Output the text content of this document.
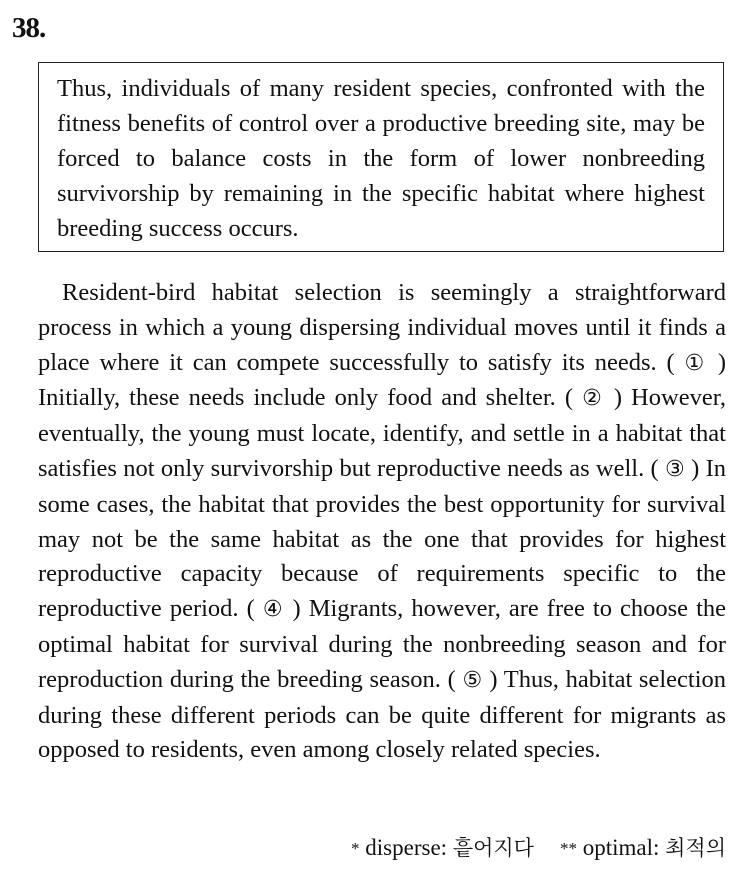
38.

Thus, individuals of many resident species, confronted with the fitness benefits of control over a productive breeding site, may be forced to balance costs in the form of lower nonbreeding survivorship by remaining in the specific habitat where highest breeding success occurs.

Resident-bird habitat selection is seemingly a straightforward process in which a young dispersing individual moves until it finds a place where it can compete successfully to satisfy its needs. ( ① ) Initially, these needs include only food and shelter. ( ② ) However, eventually, the young must locate, identify, and settle in a habitat that satisfies not only survivorship but reproductive needs as well. ( ③ ) In some cases, the habitat that provides the best opportunity for survival may not be the same habitat as the one that provides for highest reproductive capacity because of requirements specific to the reproductive period. ( ④ ) Migrants, however, are free to choose the optimal habitat for survival during the nonbreeding season and for reproduction during the breeding season. ( ⑤ ) Thus, habitat selection during these different periods can be quite different for migrants as opposed to residents, even among closely related species.

* disperse: 흩어지다 ** optimal: 최적의
